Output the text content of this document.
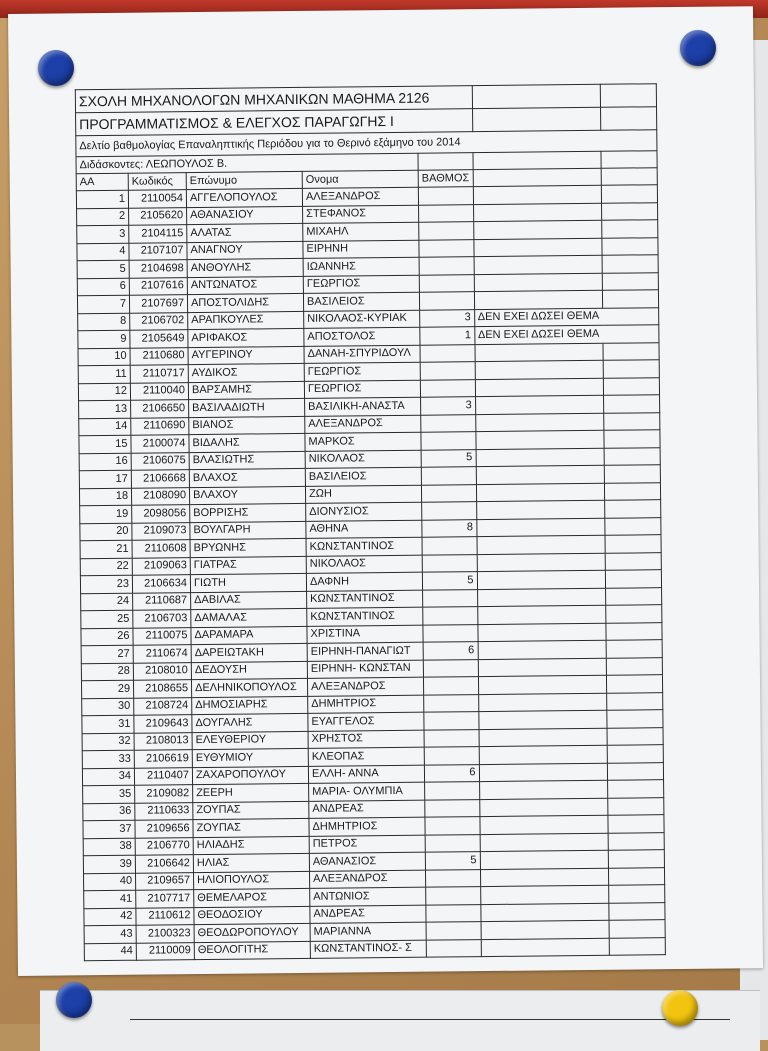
ΣΧΟΛΗ ΜΗΧΑΝΟΛΟΓΩΝ ΜΗΧΑΝΙΚΩΝ ΜΑΘΗΜΑ 2126						
ΠΡΟΓΡΑΜΜΑΤΙΣΜΟΣ & ΕΛΕΓΧΟΣ ΠΑΡΑΓΩΓΗΣ Ι						
Δελτίο βαθμολογίας Επαναληπτικής Περιόδου για το Θερινό εξάμηνο του 2014						
Διδάσκοντες: ΛΕΩΠΟΥΛΟΣ Β.						
ΑΑ	Κωδικός	Επώνυμο	Ονομα	ΒΑΘΜΟΣ		
1	2110054	ΑΓΓΕΛΟΠΟΥΛΟΣ	ΑΛΕΞΑΝΔΡΟΣ			
2	2105620	ΑΘΑΝΑΣΙΟΥ	ΣΤΕΦΑΝΟΣ			
3	2104115	ΑΛΑΤΑΣ	ΜΙΧΑΗΛ			
4	2107107	ΑΝΑΓΝΟΥ	ΕΙΡΗΝΗ			
5	2104698	ΑΝΘΟΥΛΗΣ	ΙΩΑΝΝΗΣ			
6	2107616	ΑΝΤΩΝΑΤΟΣ	ΓΕΩΡΓΙΟΣ			
7	2107697	ΑΠΟΣΤΟΛΙΔΗΣ	ΒΑΣΙΛΕΙΟΣ			
8	2106702	ΑΡΑΠΚΟΥΛΕΣ	ΝΙΚΟΛΑΟΣ-ΚΥΡΙΑΚ	3	ΔΕΝ ΕΧΕΙ ΔΩΣΕΙ ΘΕΜΑ	
9	2105649	ΑΡΙΦΑΚΟΣ	ΑΠΟΣΤΟΛΟΣ	1	ΔΕΝ ΕΧΕΙ ΔΩΣΕΙ ΘΕΜΑ	
10	2110680	ΑΥΓΕΡΙΝΟΥ	ΔΑΝΑΗ-ΣΠΥΡΙΔΟΥΛ			
11	2110717	ΑΥΔΙΚΟΣ	ΓΕΩΡΓΙΟΣ			
12	2110040	ΒΑΡΣΑΜΗΣ	ΓΕΩΡΓΙΟΣ			
13	2106650	ΒΑΣΙΛΑΔΙΩΤΗ	ΒΑΣΙΛΙΚΗ-ΑΝΑΣΤΑ	3		
14	2110690	ΒΙΑΝΟΣ	ΑΛΕΞΑΝΔΡΟΣ			
15	2100074	ΒΙΔΑΛΗΣ	ΜΑΡΚΟΣ			
16	2106075	ΒΛΑΣΙΩΤΗΣ	ΝΙΚΟΛΑΟΣ	5		
17	2106668	ΒΛΑΧΟΣ	ΒΑΣΙΛΕΙΟΣ			
18	2108090	ΒΛΑΧΟΥ	ΖΩΗ			
19	2098056	ΒΟΡΡΙΣΗΣ	ΔΙΟΝΥΣΙΟΣ			
20	2109073	ΒΟΥΛΓΑΡΗ	ΑΘΗΝΑ	8		
21	2110608	ΒΡΥΩΝΗΣ	ΚΩΝΣΤΑΝΤΙΝΟΣ			
22	2109063	ΓΙΑΤΡΑΣ	ΝΙΚΟΛΑΟΣ			
23	2106634	ΓΙΩΤΗ	ΔΑΦΝΗ	5		
24	2110687	ΔΑΒΙΛΑΣ	ΚΩΝΣΤΑΝΤΙΝΟΣ			
25	2106703	ΔΑΜΑΛΑΣ	ΚΩΝΣΤΑΝΤΙΝΟΣ			
26	2110075	ΔΑΡΑΜΑΡΑ	ΧΡΙΣΤΙΝΑ			
27	2110674	ΔΑΡΕΙΩΤΑΚΗ	ΕΙΡΗΝΗ-ΠΑΝΑΓΙΩΤ	6		
28	2108010	ΔΕΔΟΥΣΗ	ΕΙΡΗΝΗ- ΚΩΝΣΤΑΝ			
29	2108655	ΔΕΛΗΝΙΚΟΠΟΥΛΟΣ	ΑΛΕΞΑΝΔΡΟΣ			
30	2108724	ΔΗΜΟΣΙΑΡΗΣ	ΔΗΜΗΤΡΙΟΣ			
31	2109643	ΔΟΥΓΑΛΗΣ	ΕΥΑΓΓΕΛΟΣ			
32	2108013	ΕΛΕΥΘΕΡΙΟΥ	ΧΡΗΣΤΟΣ			
33	2106619	ΕΥΘΥΜΙΟΥ	ΚΛΕΟΠΑΣ			
34	2110407	ΖΑΧΑΡΟΠΟΥΛΟΥ	ΕΛΛΗ- ΑΝΝΑ	6		
35	2109082	ΖΕΕΡΗ	ΜΑΡΙΑ- ΟΛΥΜΠΙΑ			
36	2110633	ΖΟΥΠΑΣ	ΑΝΔΡΕΑΣ			
37	2109656	ΖΟΥΠΑΣ	ΔΗΜΗΤΡΙΟΣ			
38	2106770	ΗΛΙΑΔΗΣ	ΠΕΤΡΟΣ			
39	2106642	ΗΛΙΑΣ	ΑΘΑΝΑΣΙΟΣ	5		
40	2109657	ΗΛΙΟΠΟΥΛΟΣ	ΑΛΕΞΑΝΔΡΟΣ			
41	2107717	ΘΕΜΕΛΑΡΟΣ	ΑΝΤΩΝΙΟΣ			
42	2110612	ΘΕΟΔΟΣΙΟΥ	ΑΝΔΡΕΑΣ			
43	2100323	ΘΕΟΔΩΡΟΠΟΥΛΟΥ	ΜΑΡΙΑΝΝΑ			
44	2110009	ΘΕΟΛΟΓΙΤΗΣ	ΚΩΝΣΤΑΝΤΙΝΟΣ- Σ			
